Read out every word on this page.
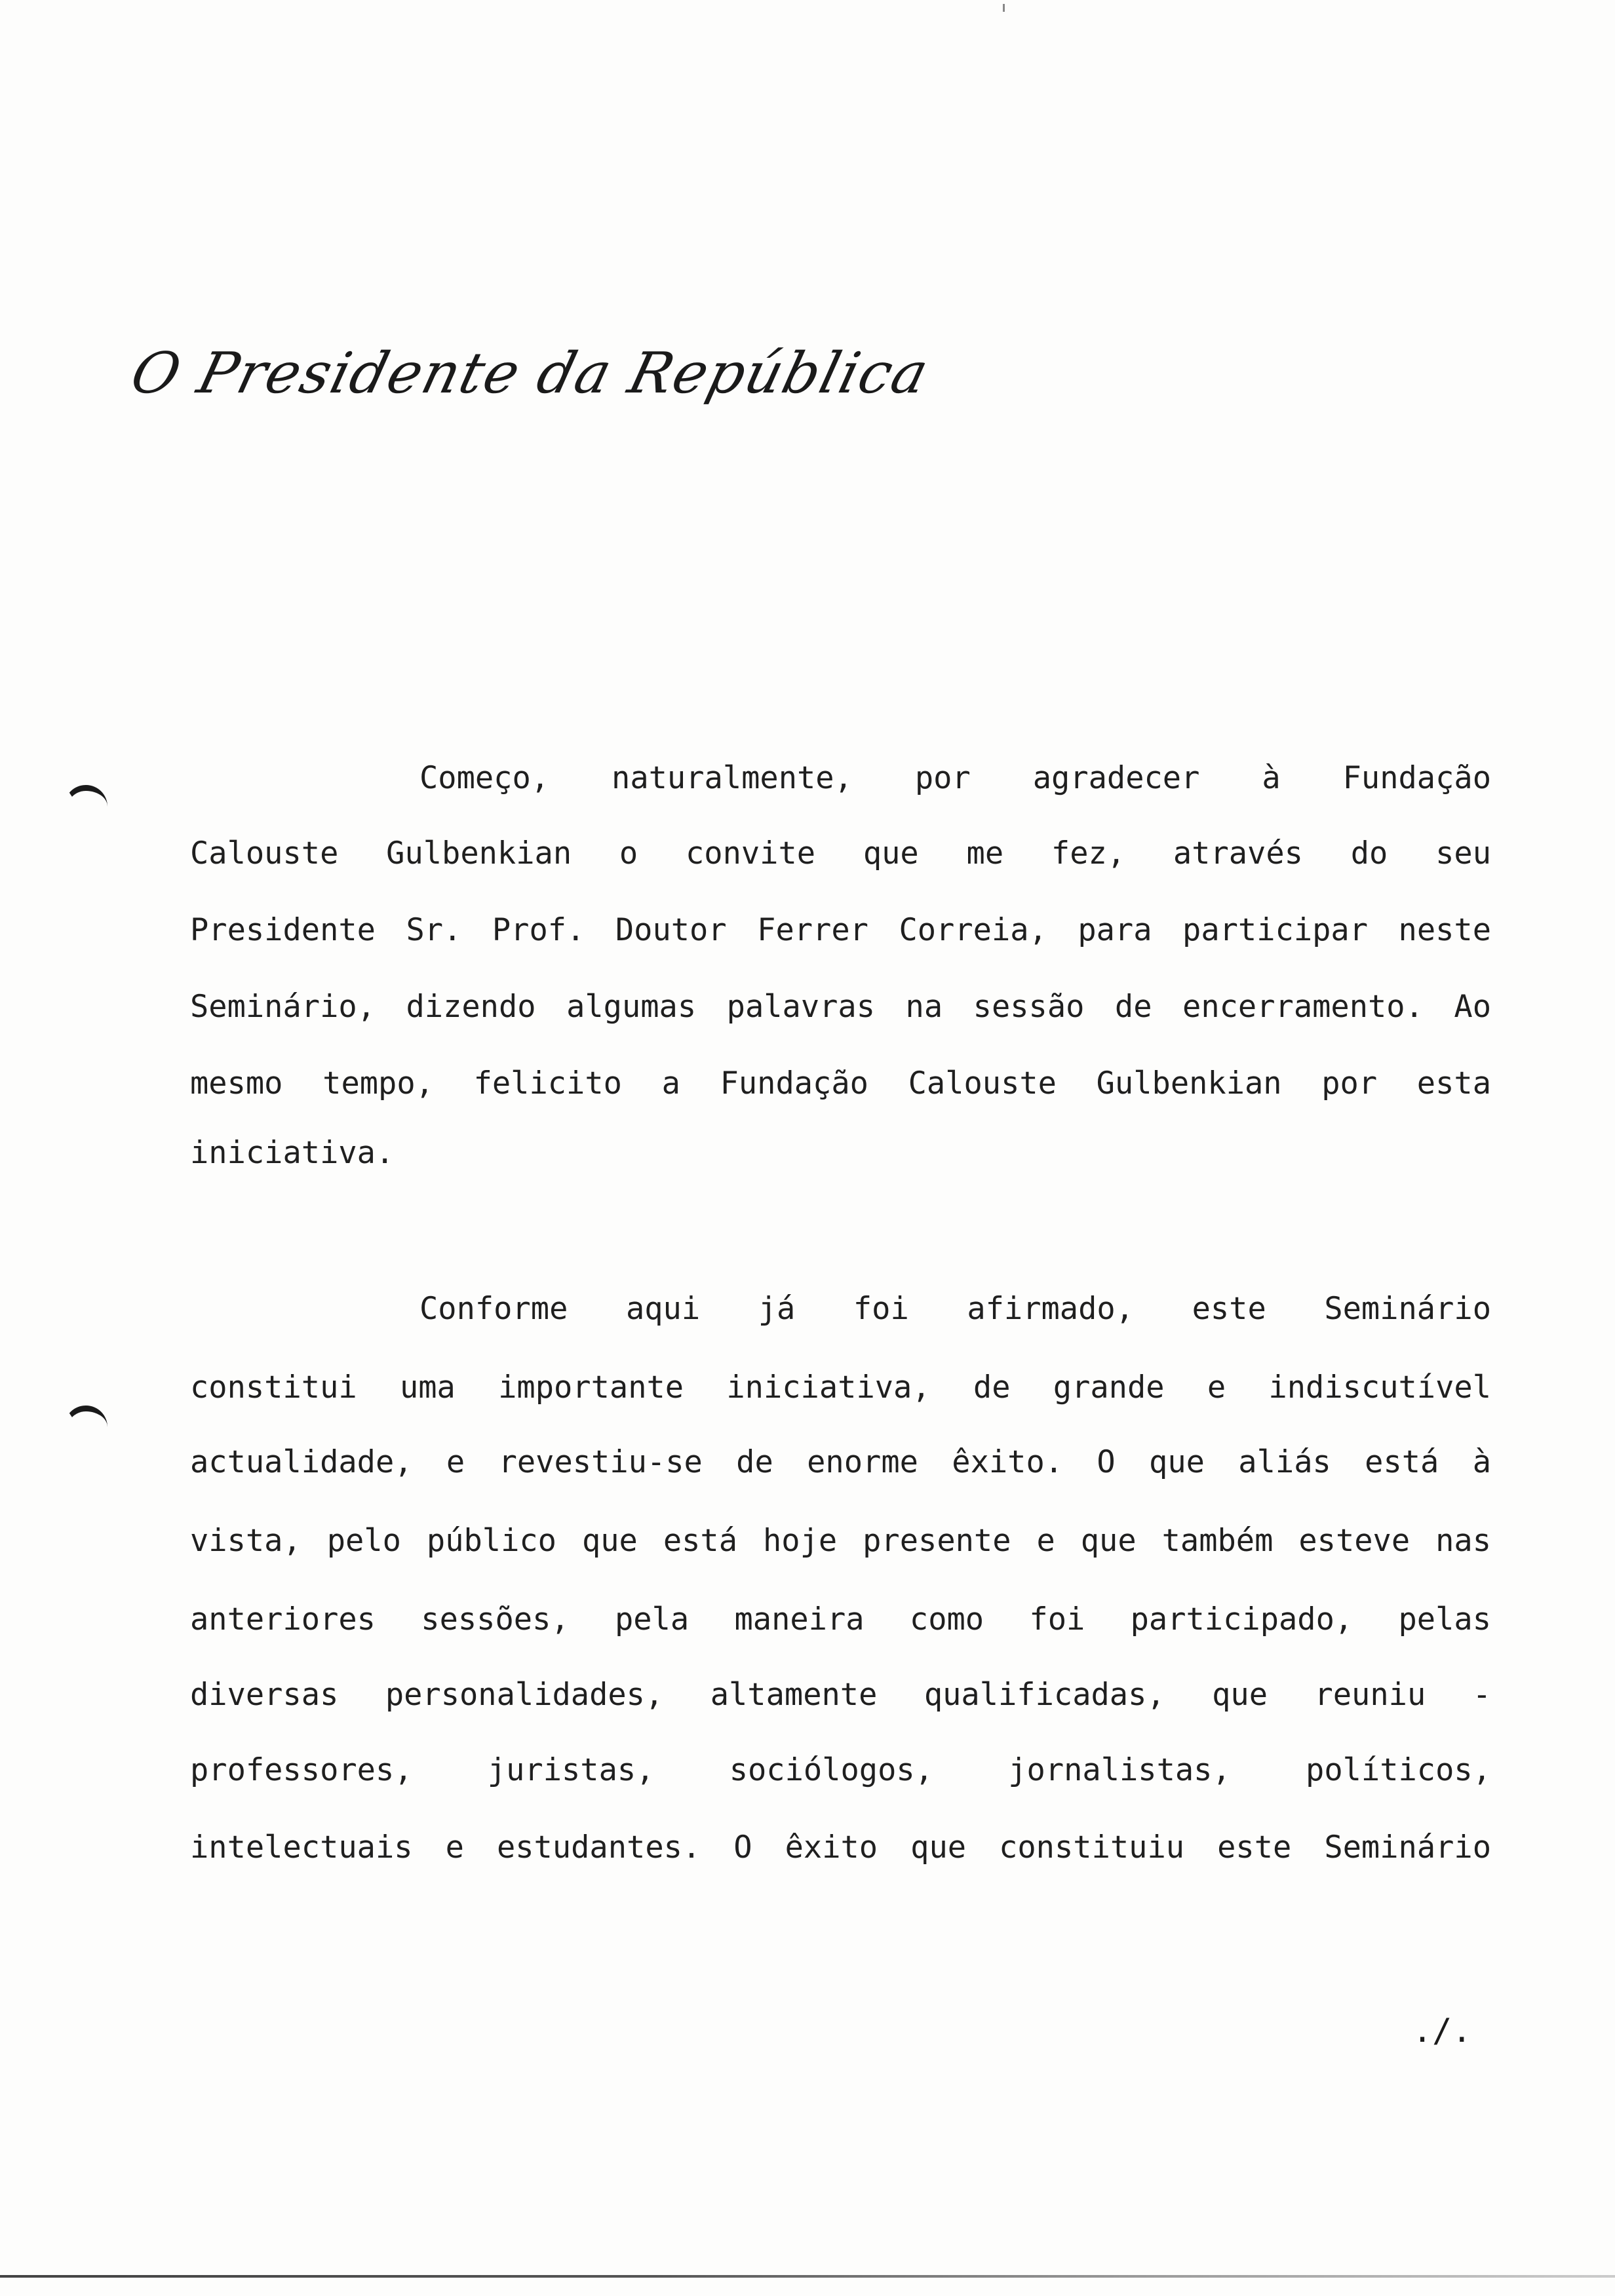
O Presidente da República
Começo, naturalmente, por agradecer à Fundação
Calouste Gulbenkian o convite que me fez, através do seu
Presidente Sr. Prof. Doutor Ferrer Correia, para participar neste
Seminário, dizendo algumas palavras na sessão de encerramento. Ao
mesmo tempo, felicito a Fundação Calouste Gulbenkian por esta
iniciativa.
Conforme aqui já foi afirmado, este Seminário
constitui uma importante iniciativa, de grande e indiscutível
actualidade, e revestiu-se de enorme êxito. O que aliás está à
vista, pelo público que está hoje presente e que também esteve nas
anteriores sessões, pela maneira como foi participado, pelas
diversas personalidades, altamente qualificadas, que reuniu -
professores, juristas, sociólogos, jornalistas, políticos,
intelectuais e estudantes. O êxito que constituiu este Seminário
./.
